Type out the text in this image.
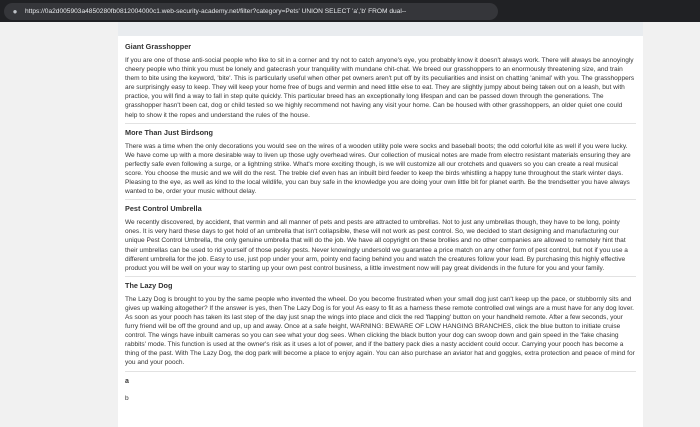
●︎	https://0a2d005903a4850280fb0812004000c1.web-security-academy.net/filter?category=Pets' UNION SELECT 'a','b' FROM dual--
Giant Grasshopper
If you are one of those anti-social people who like to sit in a corner and try not to catch anyone's eye, you probably know it doesn't always work. There will always be annoyingly cheery people who think you must be lonely and gatecrash your tranquility with mundane chit-chat. We breed our grasshoppers to an enormously threatening size, and train them to bite using the keyword, 'bite'. This is particularly useful when other pet owners aren't put off by its peculiarities and insist on chatting 'animal' with you. The grasshoppers are surprisingly easy to keep. They will keep your home free of bugs and vermin and need little else to eat. They are slightly jumpy about being taken out on a leash, but with practice, you will find a way to fall in step quite quickly. This particular breed has an exceptionally long lifespan and can be passed down through the generations. The grasshopper hasn't been cat, dog or child tested so we highly recommend not having any visit your home. Can be housed with other grasshoppers, an older quiet one could help to show it the ropes and understand the rules of the house.
More Than Just Birdsong
There was a time when the only decorations you would see on the wires of a wooden utility pole were socks and baseball boots; the odd colorful kite as well if you were lucky. We have come up with a more desirable way to liven up those ugly overhead wires. Our collection of musical notes are made from electro resistant materials ensuring they are perfectly safe even following a surge, or a lightning strike. What's more exciting though, is we will customize all our crotchets and quavers so you can create a real musical score. You choose the music and we will do the rest. The treble clef even has an inbuilt bird feeder to keep the birds whistling a happy tune throughout the stark winter days. Pleasing to the eye, as well as kind to the local wildlife, you can buy safe in the knowledge you are doing your own little bit for planet earth. Be the trendsetter you have always wanted to be, order your music without delay.
Pest Control Umbrella
We recently discovered, by accident, that vermin and all manner of pets and pests are attracted to umbrellas. Not to just any umbrellas though, they have to be long, pointy ones. It is very hard these days to get hold of an umbrella that isn't collapsible, these will not work as pest control. So, we decided to start designing and manufacturing our unique Pest Control Umbrella, the only genuine umbrella that will do the job. We have all copyright on these brollies and no other companies are allowed to remotely hint that their umbrellas can be used to rid yourself of those pesky pests. Never knowingly undersold we guarantee a price match on any other form of pest control, but not if you use a different umbrella for the job. Easy to use, just pop under your arm, pointy end facing behind you and watch the creatures follow your lead. By purchasing this highly effective product you will be well on your way to starting up your own pest control business, a little investment now will pay great dividends in the future for you and your family.
The Lazy Dog
The Lazy Dog is brought to you by the same people who invented the wheel. Do you become frustrated when your small dog just can't keep up the pace, or stubbornly sits and gives up walking altogether? If the answer is yes, then The Lazy Dog is for you! As easy to fit as a harness these remote controlled owl wings are a must have for any dog lover. As soon as your pooch has taken its last step of the day just snap the wings into place and click the red 'flapping' button on your handheld remote. After a few seconds, your furry friend will be off the ground and up, up and away. Once at a safe height, WARNING: BEWARE OF LOW HANGING BRANCHES, click the blue button to initiate cruise control. The wings have inbuilt cameras so you can see what your dog sees. When clicking the black button your dog can swoop down and gain speed in the 'fake chasing rabbits' mode. This function is used at the owner's risk as it uses a lot of power, and if the battery pack dies a nasty accident could occur. Carrying your pooch has become a thing of the past. With The Lazy Dog, the dog park will become a place to enjoy again. You can also purchase an aviator hat and goggles, extra protection and peace of mind for you and your pooch.
a
b
